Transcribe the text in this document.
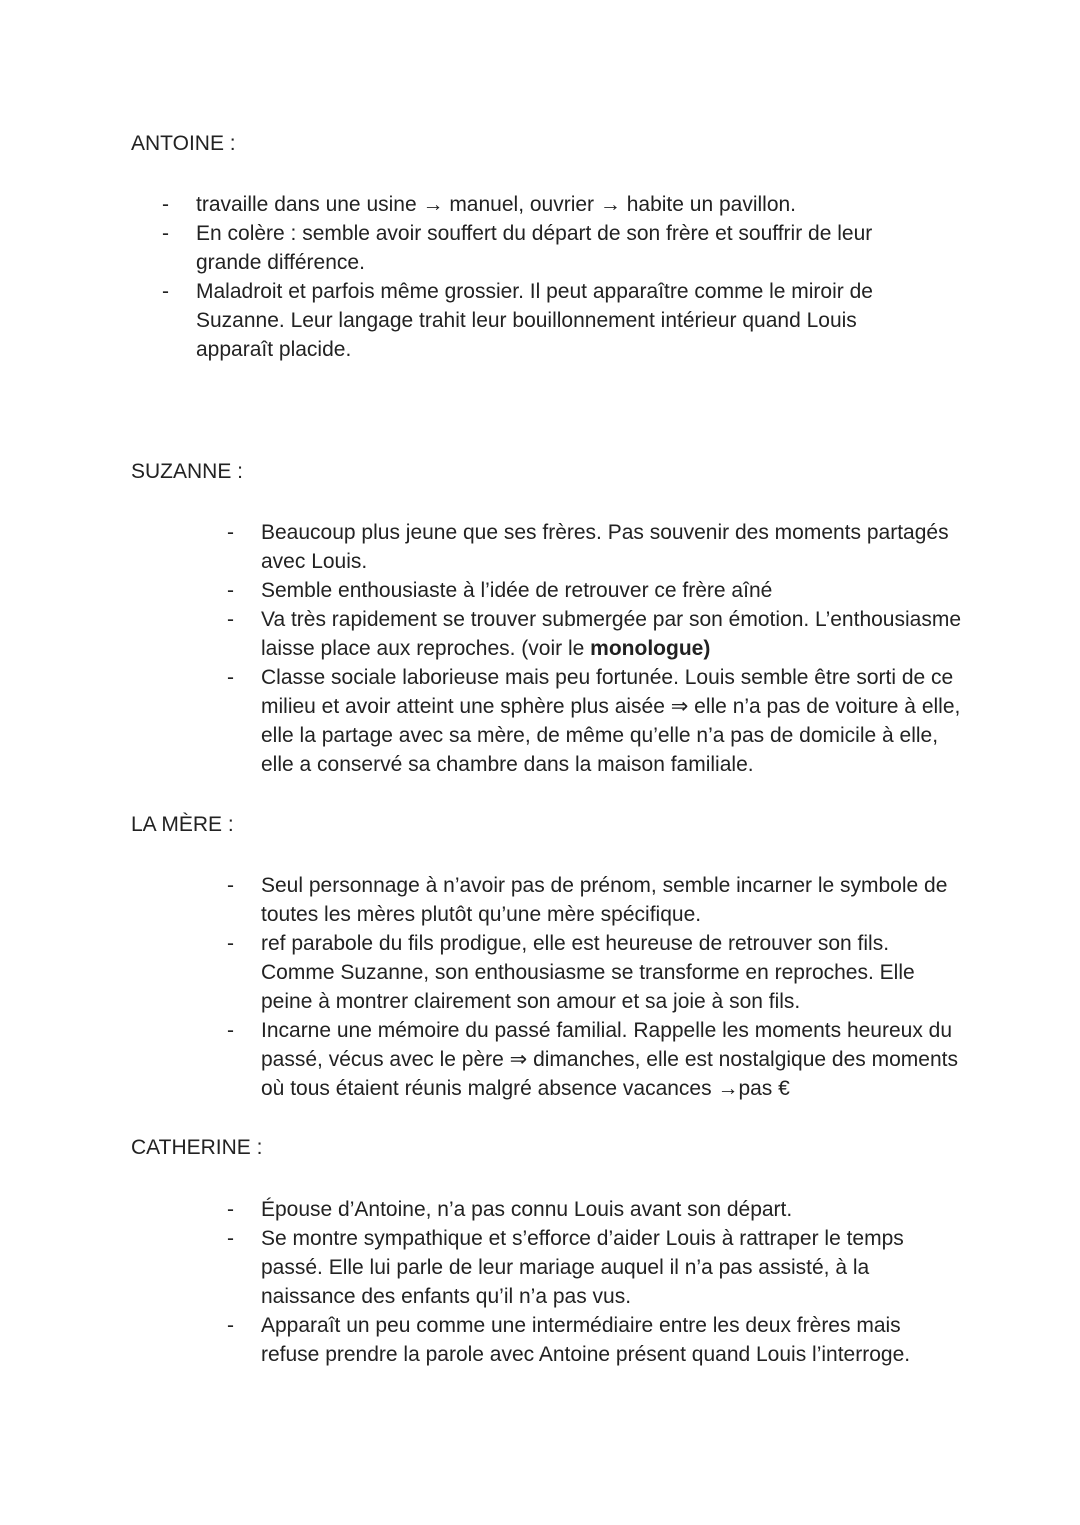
ANTOINE :
- travaille dans une usine → manuel, ouvrier → habite un pavillon.
- En colère : semble avoir souffert du départ de son frère et souffrir de leur grande différence.
- Maladroit et parfois même grossier. Il peut apparaître comme le miroir de Suzanne. Leur langage trahit leur bouillonnement intérieur quand Louis apparaît placide.
SUZANNE :
- Beaucoup plus jeune que ses frères. Pas souvenir des moments partagés avec Louis.
- Semble enthousiaste à l’idée de retrouver ce frère aîné
- Va très rapidement se trouver submergée par son émotion. L’enthousiasme laisse place aux reproches. (voir le monologue)
- Classe sociale laborieuse mais peu fortunée. Louis semble être sorti de ce milieu et avoir atteint une sphère plus aisée ⇒ elle n’a pas de voiture à elle, elle la partage avec sa mère, de même qu’elle n’a pas de domicile à elle, elle a conservé sa chambre dans la maison familiale.
LA MÈRE :
- Seul personnage à n’avoir pas de prénom, semble incarner le symbole de toutes les mères plutôt qu’une mère spécifique.
- ref parabole du fils prodigue, elle est heureuse de retrouver son fils. Comme Suzanne, son enthousiasme se transforme en reproches. Elle peine à montrer clairement son amour et sa joie à son fils.
- Incarne une mémoire du passé familial. Rappelle les moments heureux du passé, vécus avec le père ⇒ dimanches, elle est nostalgique des moments où tous étaient réunis malgré absence vacances →pas €
CATHERINE :
- Épouse d’Antoine, n’a pas connu Louis avant son départ.
- Se montre sympathique et s’efforce d’aider Louis à rattraper le temps passé. Elle lui parle de leur mariage auquel il n’a pas assisté, à la naissance des enfants qu’il n’a pas vus.
- Apparaît un peu comme une intermédiaire entre les deux frères mais refuse prendre la parole avec Antoine présent quand Louis l’interroge.
